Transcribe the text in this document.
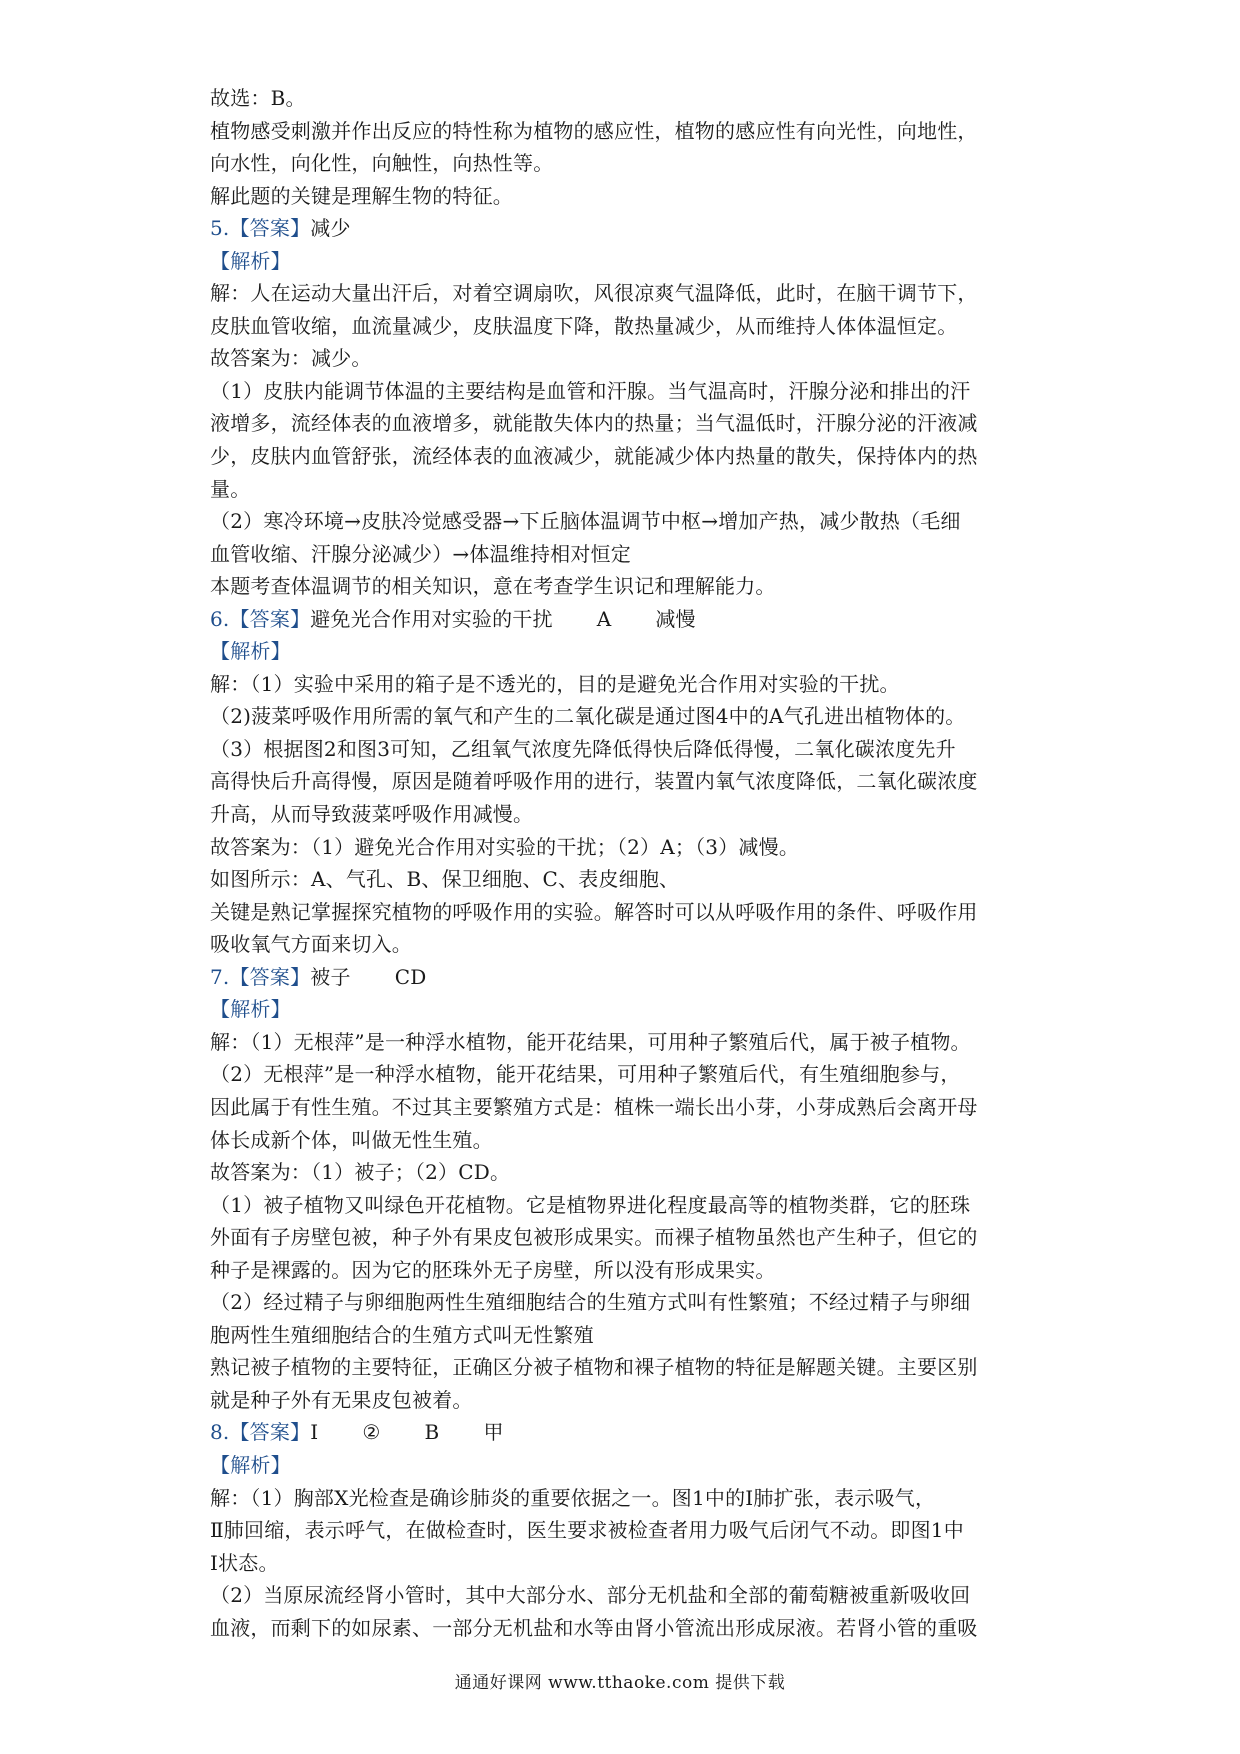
故选：B。
植物感受刺激并作出反应的特性称为植物的感应性，植物的感应性有向光性，向地性，
向水性，向化性，向触性，向热性等。
解此题的关键是理解生物的特征。
5.【答案】减少
【解析】
解：人在运动大量出汗后，对着空调扇吹，风很凉爽气温降低，此时，在脑干调节下，
皮肤血管收缩，血流量减少，皮肤温度下降，散热量减少，从而维持人体体温恒定。
故答案为：减少。
（1）皮肤内能调节体温的主要结构是血管和汗腺。当气温高时，汗腺分泌和排出的汗
液增多，流经体表的血液增多，就能散失体内的热量；当气温低时，汗腺分泌的汗液减
少，皮肤内血管舒张，流经体表的血液减少，就能减少体内热量的散失，保持体内的热
量。
（2）寒冷环境→皮肤冷觉感受器→下丘脑体温调节中枢→增加产热，减少散热（毛细
血管收缩、汗腺分泌减少）→体温维持相对恒定
本题考查体温调节的相关知识，意在考查学生识记和理解能力。
6.【答案】避免光合作用对实验的干扰 A 减慢
【解析】
解：（1）实验中采用的箱子是不透光的，目的是避免光合作用对实验的干扰。
（2)菠菜呼吸作用所需的氧气和产生的二氧化碳是通过图4中的A气孔进出植物体的。
（3）根据图2和图3可知，乙组氧气浓度先降低得快后降低得慢，二氧化碳浓度先升
高得快后升高得慢，原因是随着呼吸作用的进行，装置内氧气浓度降低，二氧化碳浓度
升高，从而导致菠菜呼吸作用减慢。
故答案为：（1）避免光合作用对实验的干扰；（2）A；（3）减慢。
如图所示：A、气孔、B、保卫细胞、C、表皮细胞、
关键是熟记掌握探究植物的呼吸作用的实验。解答时可以从呼吸作用的条件、呼吸作用
吸收氧气方面来切入。
7.【答案】被子 CD
【解析】
解：（1）无根萍”是一种浮水植物，能开花结果，可用种子繁殖后代，属于被子植物。
（2）无根萍”是一种浮水植物，能开花结果，可用种子繁殖后代，有生殖细胞参与，
因此属于有性生殖。不过其主要繁殖方式是：植株一端长出小芽，小芽成熟后会离开母
体长成新个体，叫做无性生殖。
故答案为：（1）被子；（2）CD。
（1）被子植物又叫绿色开花植物。它是植物界进化程度最高等的植物类群，它的胚珠
外面有子房壁包被，种子外有果皮包被形成果实。而裸子植物虽然也产生种子，但它的
种子是裸露的。因为它的胚珠外无子房壁，所以没有形成果实。
（2）经过精子与卵细胞两性生殖细胞结合的生殖方式叫有性繁殖；不经过精子与卵细
胞两性生殖细胞结合的生殖方式叫无性繁殖
熟记被子植物的主要特征，正确区分被子植物和裸子植物的特征是解题关键。主要区别
就是种子外有无果皮包被着。
8.【答案】Ⅰ ② B 甲
【解析】
解：（1）胸部X光检查是确诊肺炎的重要依据之一。图1中的Ⅰ肺扩张，表示吸气，
Ⅱ肺回缩，表示呼气，在做检查时，医生要求被检查者用力吸气后闭气不动。即图1中
Ⅰ状态。
（2）当原尿流经肾小管时，其中大部分水、部分无机盐和全部的葡萄糖被重新吸收回
血液，而剩下的如尿素、一部分无机盐和水等由肾小管流出形成尿液。若肾小管的重吸
通通好课网 www.tthaoke.com 提供下载
